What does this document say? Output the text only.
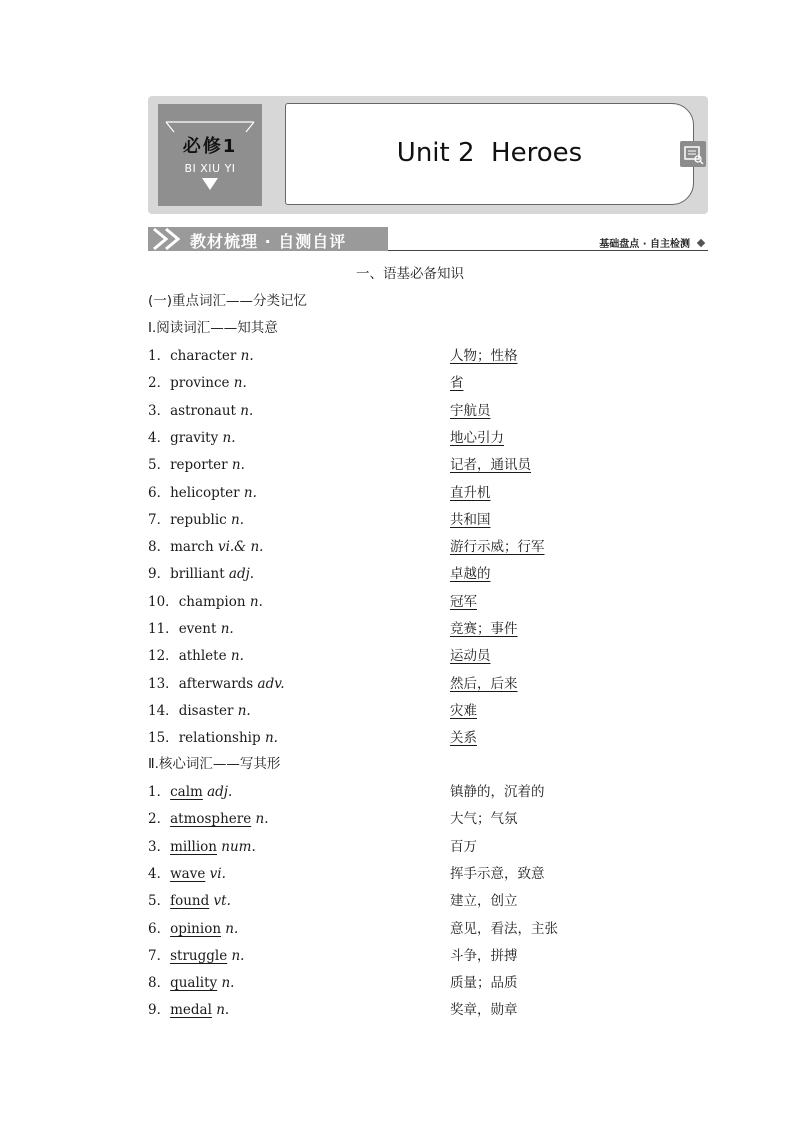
必修1
BI XIU YI
Unit 2  Heroes
教材梳理 · 自测自评	基础盘点 · 自主检测
一、语基必备知识
(一)重点词汇——分类记忆
Ⅰ.阅读词汇——知其意
1．character n.	人物；性格
2．province n.	省
3．astronaut n.	宇航员
4．gravity n.	地心引力
5．reporter n.	记者，通讯员
6．helicopter n.	直升机
7．republic n.	共和国
8．march vi.& n.	游行示威；行军
9．brilliant adj.	卓越的
10．champion n.	冠军
11．event n.	竞赛；事件
12．athlete n.	运动员
13．afterwards adv.	然后，后来
14．disaster n.	灾难
15．relationship n.	关系
Ⅱ.核心词汇——写其形
1．calm adj.	镇静的，沉着的
2．atmosphere n.	大气；气氛
3．million num.	百万
4．wave vi.	挥手示意，致意
5．found vt.	建立，创立
6．opinion n.	意见，看法，主张
7．struggle n.	斗争，拼搏
8．quality n.	质量；品质
9．medal n.	奖章，勋章
